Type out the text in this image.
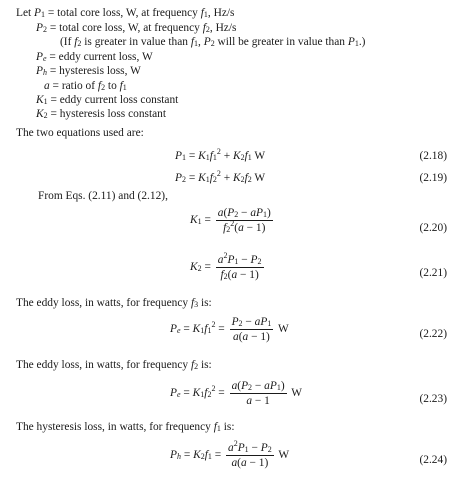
Let $P_1$ = total core loss, W, at frequency $f_1$, Hz/s
$P_2$ = total core loss, W, at frequency $f_2$, Hz/s
(If $f_2$ is greater in value than $f_1$, $P_2$ will be greater in value than $P_1$.)
$P_e$ = eddy current loss, W
$P_h$ = hysteresis loss, W
a = ratio of $f_2$ to $f_1$
$K_1$ = eddy current loss constant
$K_2$ = hysteresis loss constant
The two equations used are:
$P_1 = K_1f_1^2 + K_2f_1$ W	(2.18)
$P_2 = K_1f_2^2 + K_2f_2$ W	(2.19)
From Eqs. (2.11) and (2.12),
$K_1 = \frac{a(P_2 - aP_1)}{f_2^2(a - 1)}$	(2.20)
$K_2 = \frac{a^2P_1 - P_2}{f_2(a - 1)}$	(2.21)
The eddy loss, in watts, for frequency $f_3$ is:
$P_e = K_1f_1^2 = \frac{P_2 - aP_1}{a(a - 1)}$ W	(2.22)
The eddy loss, in watts, for frequency $f_2$ is:
$P_e = K_1f_2^2 = \frac{a(P_2 - aP_1)}{a - 1}$ W	(2.23)
The hysteresis loss, in watts, for frequency $f_1$ is:
$P_h = K_2f_1 = \frac{a^2P_1 - P_2}{a(a - 1)}$ W	(2.24)
